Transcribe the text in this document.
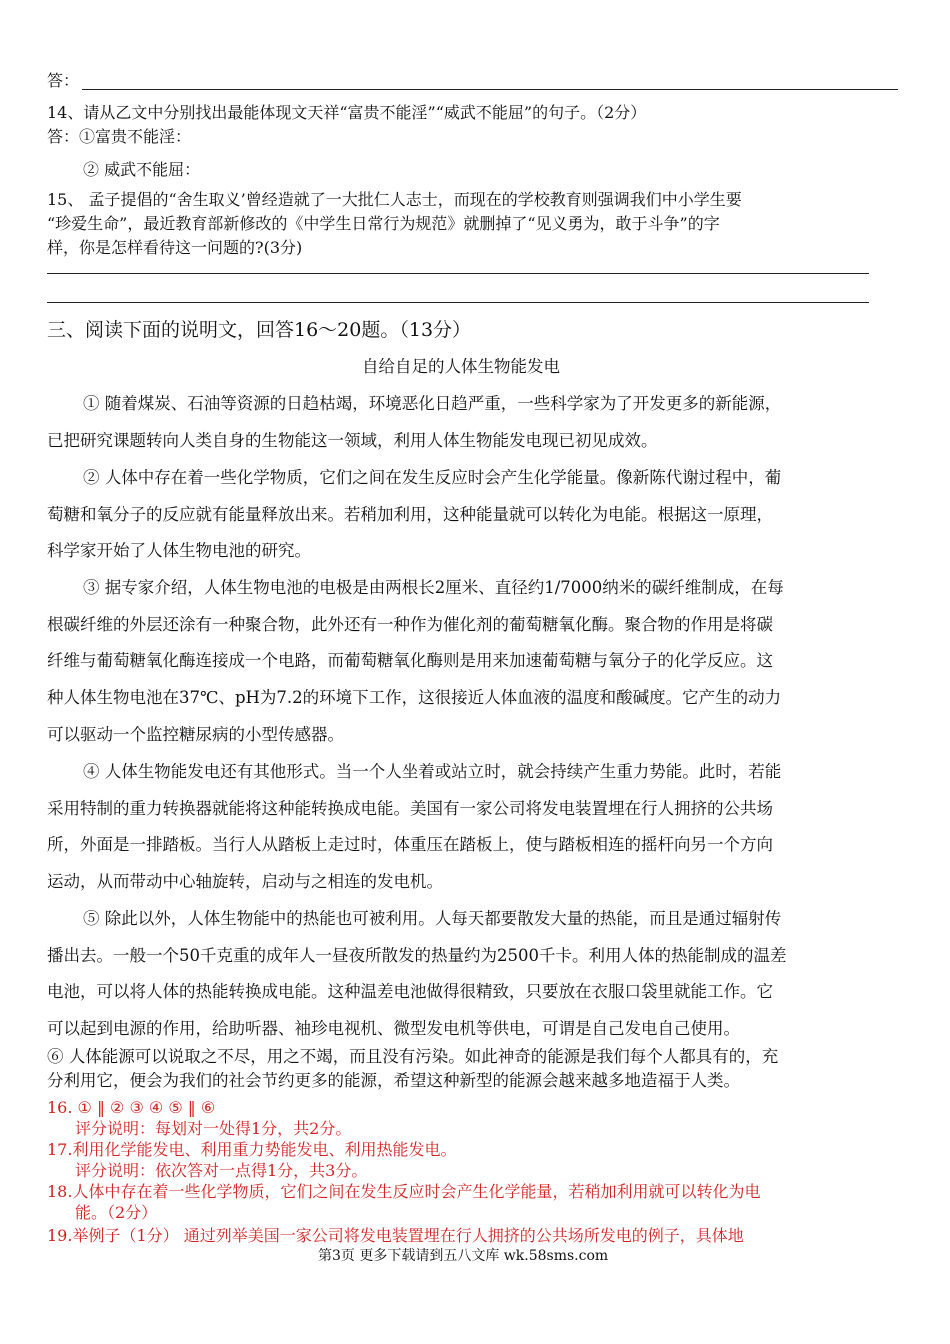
答：
14、请从乙文中分别找出最能体现文天祥“富贵不能淫”“威武不能屈”的句子。（2分）
答：①富贵不能淫：
② 威武不能屈：
15、 孟子提倡的“舍生取义’曾经造就了一大批仁人志士，而现在的学校教育则强调我们中小学生要
“珍爱生命”，最近教育部新修改的《中学生日常行为规范》就删掉了“见义勇为，敢于斗争”的字
样，你是怎样看待这一问题的?(3分)
三、阅读下面的说明文，回答16～20题。（13分）
自给自足的人体生物能发电
① 随着煤炭、石油等资源的日趋枯竭，环境恶化日趋严重，一些科学家为了开发更多的新能源，
已把研究课题转向人类自身的生物能这一领域，利用人体生物能发电现已初见成效。
② 人体中存在着一些化学物质，它们之间在发生反应时会产生化学能量。像新陈代谢过程中，葡
萄糖和氧分子的反应就有能量释放出来。若稍加利用，这种能量就可以转化为电能。根据这一原理，
科学家开始了人体生物电池的研究。
③ 据专家介绍，人体生物电池的电极是由两根长2厘米、直径约1/7000纳米的碳纤维制成，在每
根碳纤维的外层还涂有一种聚合物，此外还有一种作为催化剂的葡萄糖氧化酶。聚合物的作用是将碳
纤维与葡萄糖氧化酶连接成一个电路，而葡萄糖氧化酶则是用来加速葡萄糖与氧分子的化学反应。这
种人体生物电池在37℃、pH为7.2的环境下工作，这很接近人体血液的温度和酸碱度。它产生的动力
可以驱动一个监控糖尿病的小型传感器。
④ 人体生物能发电还有其他形式。当一个人坐着或站立时，就会持续产生重力势能。此时，若能
采用特制的重力转换器就能将这种能转换成电能。美国有一家公司将发电装置埋在行人拥挤的公共场
所，外面是一排踏板。当行人从踏板上走过时，体重压在踏板上，使与踏板相连的摇杆向另一个方向
运动，从而带动中心轴旋转，启动与之相连的发电机。
⑤ 除此以外，人体生物能中的热能也可被利用。人每天都要散发大量的热能，而且是通过辐射传
播出去。一般一个50千克重的成年人一昼夜所散发的热量约为2500千卡。利用人体的热能制成的温差
电池，可以将人体的热能转换成电能。这种温差电池做得很精致，只要放在衣服口袋里就能工作。它
可以起到电源的作用，给助听器、袖珍电视机、微型发电机等供电，可谓是自己发电自己使用。
⑥ 人体能源可以说取之不尽，用之不竭，而且没有污染。如此神奇的能源是我们每个人都具有的，充
分利用它，便会为我们的社会节约更多的能源，希望这种新型的能源会越来越多地造福于人类。
16. ① ‖ ② ③ ④ ⑤ ‖ ⑥
评分说明：每划对一处得1分，共2分。
17.利用化学能发电、利用重力势能发电、利用热能发电。
评分说明：依次答对一点得1分，共3分。
18.人体中存在着一些化学物质，它们之间在发生反应时会产生化学能量，若稍加利用就可以转化为电
能。（2分）
19.举例子（1分） 通过列举美国一家公司将发电装置埋在行人拥挤的公共场所发电的例子，具体地
第3页 更多下载请到五八文库 wk.58sms.com
